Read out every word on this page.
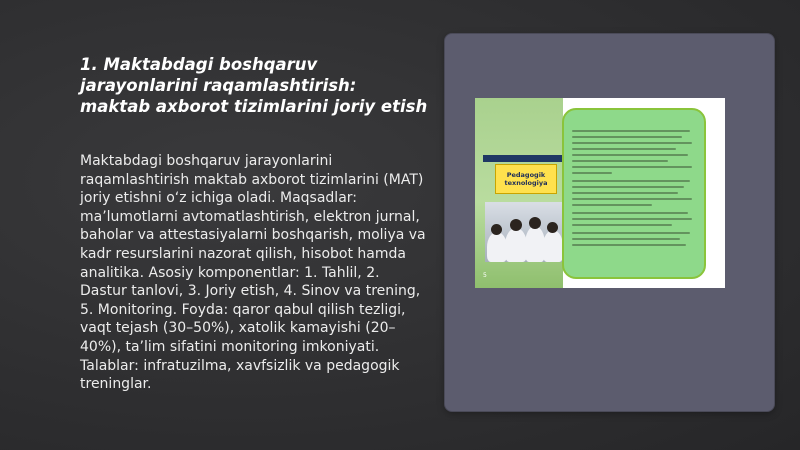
1. Maktabdagi boshqaruv jarayonlarini raqamlashtirish: maktab axborot tizimlarini joriy etish

Maktabdagi boshqaruv jarayonlarini raqamlashtirish maktab axborot tizimlarini (MAT) joriy etishni o‘z ichiga oladi. Maqsadlar: ma’lumotlarni avtomatlashtirish, elektron jurnal, baholar va attestasiyalarni boshqarish, moliya va kadr resurslarini nazorat qilish, hisobot hamda analitika. Asosiy komponentlar: 1. Tahlil, 2. Dastur tanlovi, 3. Joriy etish, 4. Sinov va trening, 5. Monitoring. Foyda: qaror qabul qilish tezligi, vaqt tejash (30–50%), xatolik kamayishi (20–40%), ta’lim sifatini monitoring imkoniyati. Talablar: infratuzilma, xavfsizlik va pedagogik treninglar.

Pedagogik texnologiya
5
